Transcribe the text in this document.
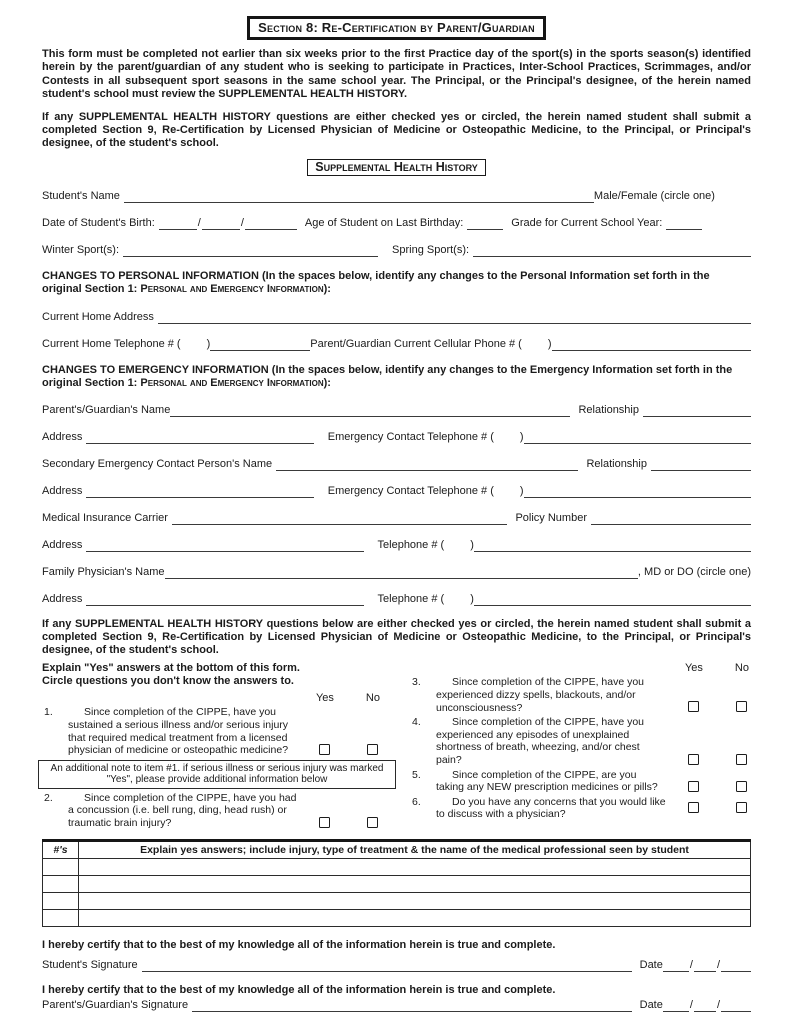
Section 8: Re-Certification by Parent/Guardian

This form must be completed not earlier than six weeks prior to the first Practice day of the sport(s) in the sports season(s) identified herein by the parent/guardian of any student who is seeking to participate in Practices, Inter-School Practices, Scrimmages, and/or Contests in all subsequent sport seasons in the same school year. The Principal, or the Principal's designee, of the herein named student's school must review the SUPPLEMENTAL HEALTH HISTORY.

If any SUPPLEMENTAL HEALTH HISTORY questions are either checked yes or circled, the herein named student shall submit a completed Section 9, Re-Certification by Licensed Physician of Medicine or Osteopathic Medicine, to the Principal, or Principal's designee, of the student's school.

Supplemental Health History
Student's Name	Male/Female (circle one)
Date of Student's Birth:	/	/	Age of Student on Last Birthday:	Grade for Current School Year:
Winter Sport(s):	Spring Sport(s):
CHANGES TO PERSONAL INFORMATION (In the spaces below, identify any changes to the Personal Information set forth in the original Section 1: Personal and Emergency Information):
Current Home Address
Current Home Telephone # ( )	Parent/Guardian Current Cellular Phone # ( )
CHANGES TO EMERGENCY INFORMATION (In the spaces below, identify any changes to the Emergency Information set forth in the original Section 1: Personal and Emergency Information):
Parent's/Guardian's Name	Relationship
Address	Emergency Contact Telephone # ( )
Secondary Emergency Contact Person's Name	Relationship
Address	Emergency Contact Telephone # ( )
Medical Insurance Carrier	Policy Number
Address	Telephone # ( )
Family Physician's Name	, MD or DO (circle one)
Address	Telephone # ( )

If any SUPPLEMENTAL HEALTH HISTORY questions below are either checked yes or circled, the herein named student shall submit a completed Section 9, Re-Certification by Licensed Physician of Medicine or Osteopathic Medicine, to the Principal, or Principal's designee, of the student's school.

Explain "Yes" answers at the bottom of this form.
Circle questions you don't know the answers to.
Yes	No
1.	Since completion of the CIPPE, have you sustained a serious illness and/or serious injury that required medical treatment from a licensed physician of medicine or osteopathic medicine?
An additional note to item #1. if serious illness or serious injury was marked "Yes", please provide additional information below
2.	Since completion of the CIPPE, have you had a concussion (i.e. bell rung, ding, head rush) or traumatic brain injury?
Yes	No
3.	Since completion of the CIPPE, have you experienced dizzy spells, blackouts, and/or unconsciousness?
4.	Since completion of the CIPPE, have you experienced any episodes of unexplained shortness of breath, wheezing, and/or chest pain?
5.	Since completion of the CIPPE, are you taking any NEW prescription medicines or pills?
6.	Do you have any concerns that you would like to discuss with a physician?
#'s	Explain yes answers; include injury, type of treatment & the name of the medical professional seen by student

I hereby certify that to the best of my knowledge all of the information herein is true and complete.
Student's Signature	Date / /
I hereby certify that to the best of my knowledge all of the information herein is true and complete.
Parent's/Guardian's Signature	Date / /
